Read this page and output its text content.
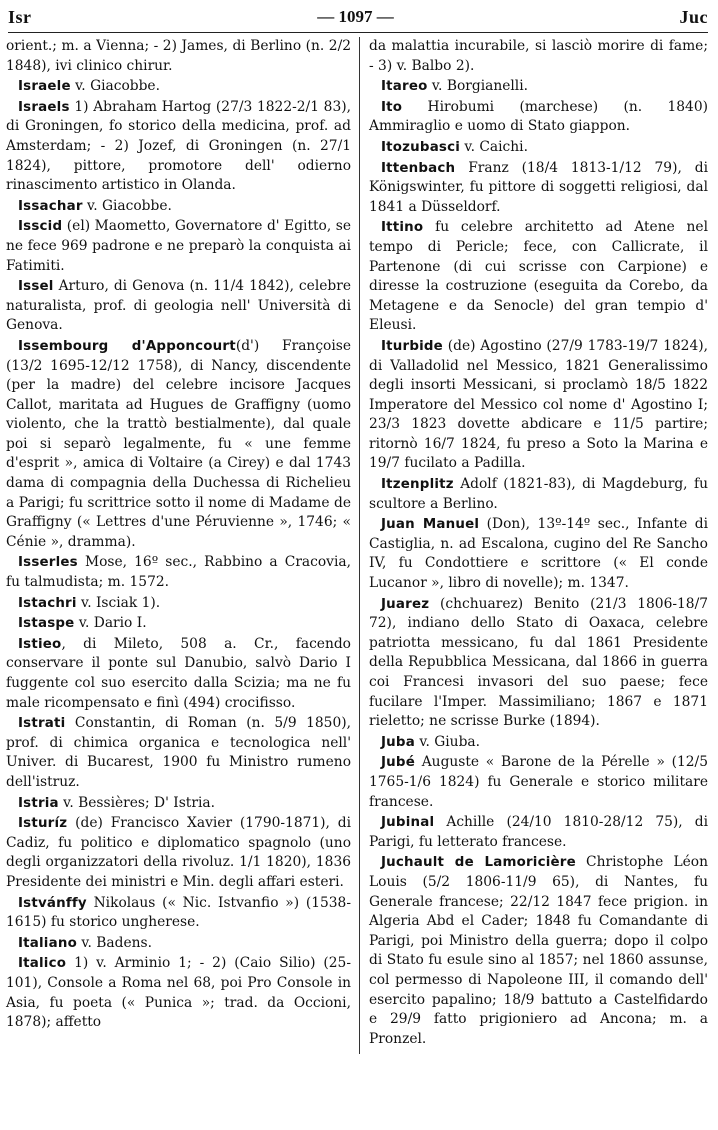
Isr	— 1097 —	Juc
orient.; m. a Vienna; - 2) James, di Berlino (n. 2/2 1848), ivi clinico chirur.
Israele v. Giacobbe.
Israels 1) Abraham Hartog (27/3 1822-2/1 83), di Groningen, fo storico della medicina, prof. ad Amsterdam; - 2) Jozef, di Groningen (n. 27/1 1824), pittore, promotore dell' odierno rinascimento artistico in Olanda.
Issachar v. Giacobbe.
Isscid (el) Maometto, Governatore d' Egitto, se ne fece 969 padrone e ne preparò la conquista ai Fatimiti.
Issel Arturo, di Genova (n. 11/4 1842), celebre naturalista, prof. di geologia nell' Università di Genova.
Issembourg d'Apponcourt(d') Françoise (13/2 1695-12/12 1758), di Nancy, discendente (per la madre) del celebre incisore Jacques Callot, maritata ad Hugues de Graffigny (uomo violento, che la trattò bestialmente), dal quale poi si separò legalmente, fu « une femme d'esprit », amica di Voltaire (a Cirey) e dal 1743 dama di compagnia della Duchessa di Richelieu a Parigi; fu scrittrice sotto il nome di Madame de Graffigny (« Lettres d'une Péruvienne », 1746; « Cénie », dramma).
Isserles Mose, 16º sec., Rabbino a Cracovia, fu talmudista; m. 1572.
Istachri v. Isciak 1).
Istaspe v. Dario I.
Istieo, di Mileto, 508 a. Cr., facendo conservare il ponte sul Danubio, salvò Dario I fuggente col suo esercito dalla Scizia; ma ne fu male ricompensato e finì (494) crocifisso.
Istrati Constantin, di Roman (n. 5/9 1850), prof. di chimica organica e tecnologica nell' Univer. di Bucarest, 1900 fu Ministro rumeno dell'istruz.
Istria v. Bessières; D' Istria.
Isturíz (de) Francisco Xavier (1790-1871), di Cadiz, fu politico e diplomatico spagnolo (uno degli organizzatori della rivoluz. 1/1 1820), 1836 Presidente dei ministri e Min. degli affari esteri.
Istvánffy Nikolaus (« Nic. Istvanfio ») (1538-1615) fu storico ungherese.
Italiano v. Badens.
Italico 1) v. Arminio 1; - 2) (Caio Silio) (25-101), Console a Roma nel 68, poi Pro Console in Asia, fu poeta (« Punica »; trad. da Occioni, 1878); affetto
da malattia incurabile, si lasciò morire di fame; - 3) v. Balbo 2).
Itareo v. Borgianelli.
Ito Hirobumi (marchese) (n. 1840) Ammiraglio e uomo di Stato giappon.
Itozubasci v. Caichi.
Ittenbach Franz (18/4 1813-1/12 79), di Königswinter, fu pittore di soggetti religiosi, dal 1841 a Düsseldorf.
Ittino fu celebre architetto ad Atene nel tempo di Pericle; fece, con Callicrate, il Partenone (di cui scrisse con Carpione) e diresse la costruzione (eseguita da Corebo, da Metagene e da Senocle) del gran tempio d' Eleusi.
Iturbide (de) Agostino (27/9 1783-19/7 1824), di Valladolid nel Messico, 1821 Generalissimo degli insorti Messicani, si proclamò 18/5 1822 Imperatore del Messico col nome d' Agostino I; 23/3 1823 dovette abdicare e 11/5 partire; ritornò 16/7 1824, fu preso a Soto la Marina e 19/7 fucilato a Padilla.
Itzenplitz Adolf (1821-83), di Magdeburg, fu scultore a Berlino.
Juan Manuel (Don), 13º-14º sec., Infante di Castiglia, n. ad Escalona, cugino del Re Sancho IV, fu Condottiere e scrittore (« El conde Lucanor », libro di novelle); m. 1347.
Juarez (chchuarez) Benito (21/3 1806-18/7 72), indiano dello Stato di Oaxaca, celebre patriotta messicano, fu dal 1861 Presidente della Repubblica Messicana, dal 1866 in guerra coi Francesi invasori del suo paese; fece fucilare l'Imper. Massimiliano; 1867 e 1871 rieletto; ne scrisse Burke (1894).
Juba v. Giuba.
Jubé Auguste « Barone de la Pérelle » (12/5 1765-1/6 1824) fu Generale e storico militare francese.
Jubinal Achille (24/10 1810-28/12 75), di Parigi, fu letterato francese.
Juchault de Lamoricière Christophe Léon Louis (5/2 1806-11/9 65), di Nantes, fu Generale francese; 22/12 1847 fece prigion. in Algeria Abd el Cader; 1848 fu Comandante di Parigi, poi Ministro della guerra; dopo il colpo di Stato fu esule sino al 1857; nel 1860 assunse, col permesso di Napoleone III, il comando dell' esercito papalino; 18/9 battuto a Castelfidardo e 29/9 fatto prigioniero ad Ancona; m. a Pronzel.
